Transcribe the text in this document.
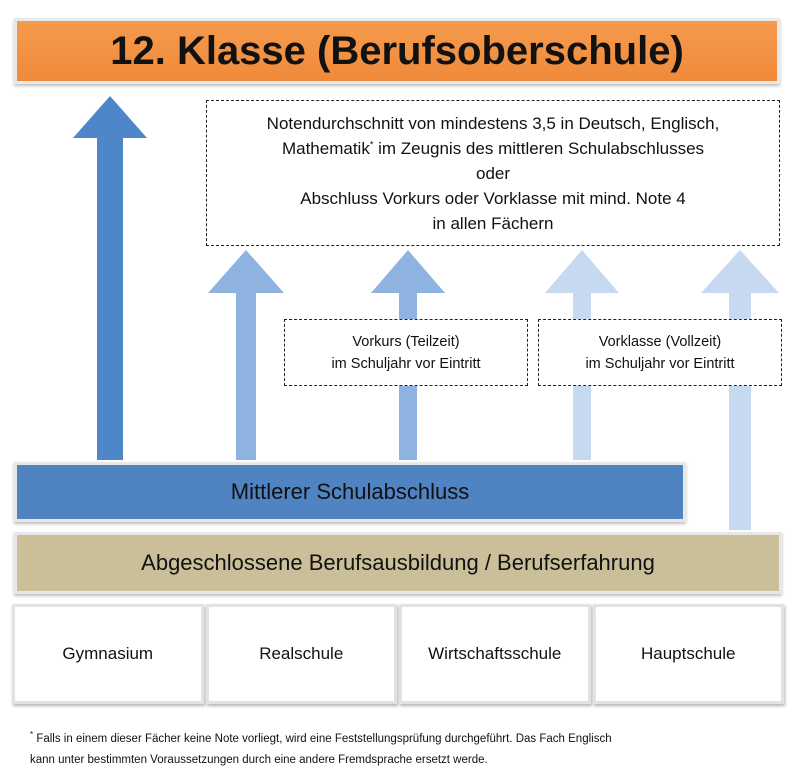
12. Klasse (Berufsoberschule)
Notendurchschnitt von mindestens 3,5 in Deutsch, Englisch,
Mathematik* im Zeugnis des mittleren Schulabschlusses
oder
Abschluss Vorkurs oder Vorklasse mit mind. Note 4
in allen Fächern
Vorkurs (Teilzeit)
im Schuljahr vor Eintritt
Vorklasse (Vollzeit)
im Schuljahr vor Eintritt
Mittlerer Schulabschluss
Abgeschlossene Berufsausbildung / Berufserfahrung
Gymnasium	Realschule	Wirtschaftsschule	Hauptschule
* Falls in einem dieser Fächer keine Note vorliegt, wird eine Feststellungsprüfung durchgeführt. Das Fach Englisch
kann unter bestimmten Voraussetzungen durch eine andere Fremdsprache ersetzt werde.
